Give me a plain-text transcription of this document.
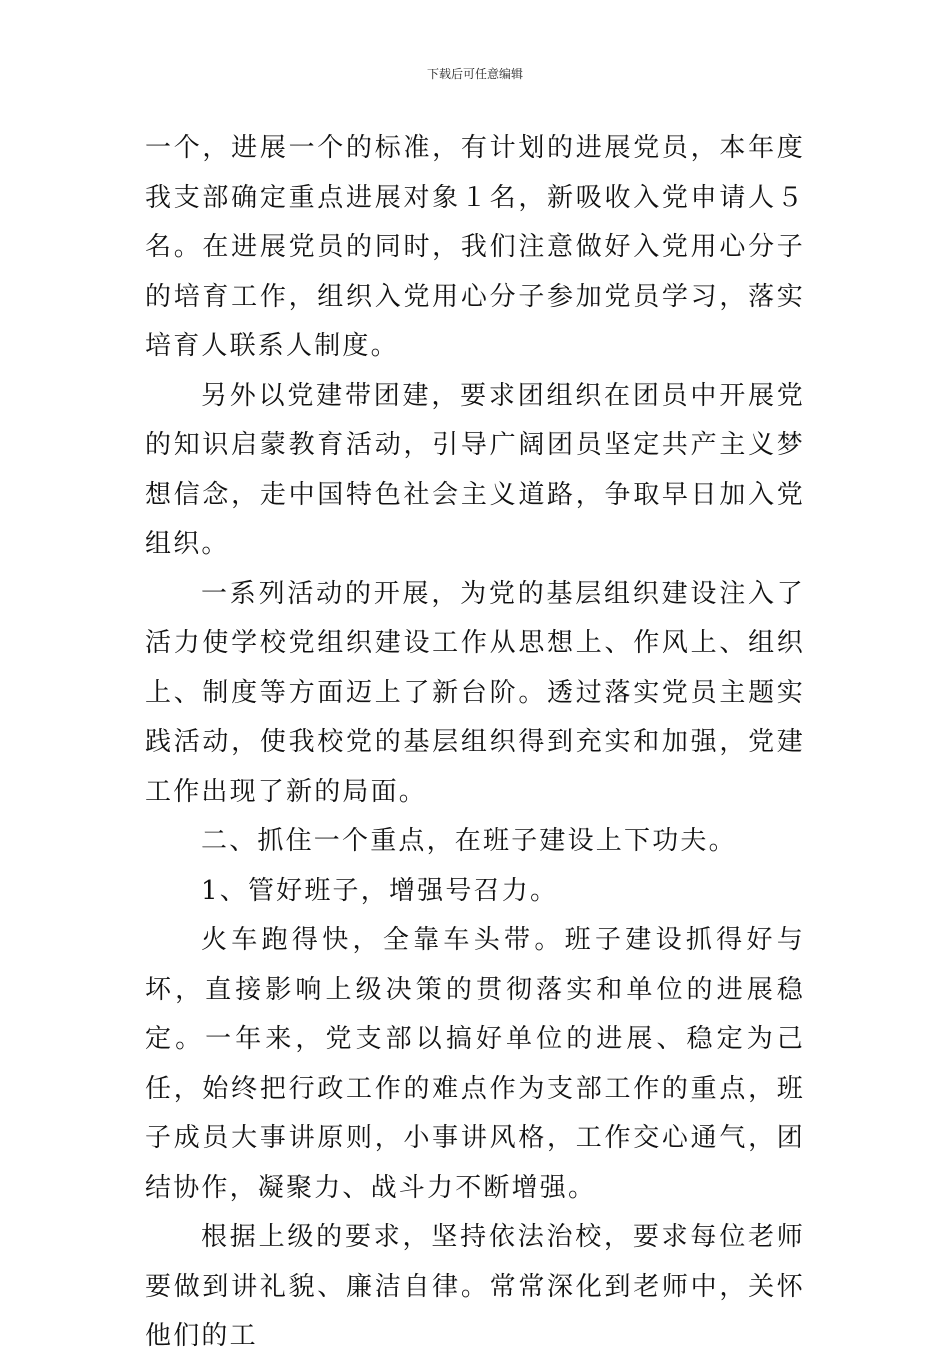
下载后可任意编辑

一个，进展一个的标准，有计划的进展党员，本年度我支部确定重点进展对象１名，新吸收入党申请人５名。在进展党员的同时，我们注意做好入党用心分子的培育工作，组织入党用心分子参加党员学习，落实培育人联系人制度。

另外以党建带团建，要求团组织在团员中开展党的知识启蒙教育活动，引导广阔团员坚定共产主义梦想信念，走中国特色社会主义道路，争取早日加入党组织。

一系列活动的开展，为党的基层组织建设注入了活力使学校党组织建设工作从思想上、作风上、组织上、制度等方面迈上了新台阶。透过落实党员主题实践活动，使我校党的基层组织得到充实和加强，党建工作出现了新的局面。

二、抓住一个重点，在班子建设上下功夫。

1、管好班子，增强号召力。

火车跑得快，全靠车头带。班子建设抓得好与坏，直接影响上级决策的贯彻落实和单位的进展稳定。一年来，党支部以搞好单位的进展、稳定为己任，始终把行政工作的难点作为支部工作的重点，班子成员大事讲原则，小事讲风格，工作交心通气，团结协作，凝聚力、战斗力不断增强。

根据上级的要求，坚持依法治校，要求每位老师要做到讲礼貌、廉洁自律。常常深化到老师中，关怀他们的工
